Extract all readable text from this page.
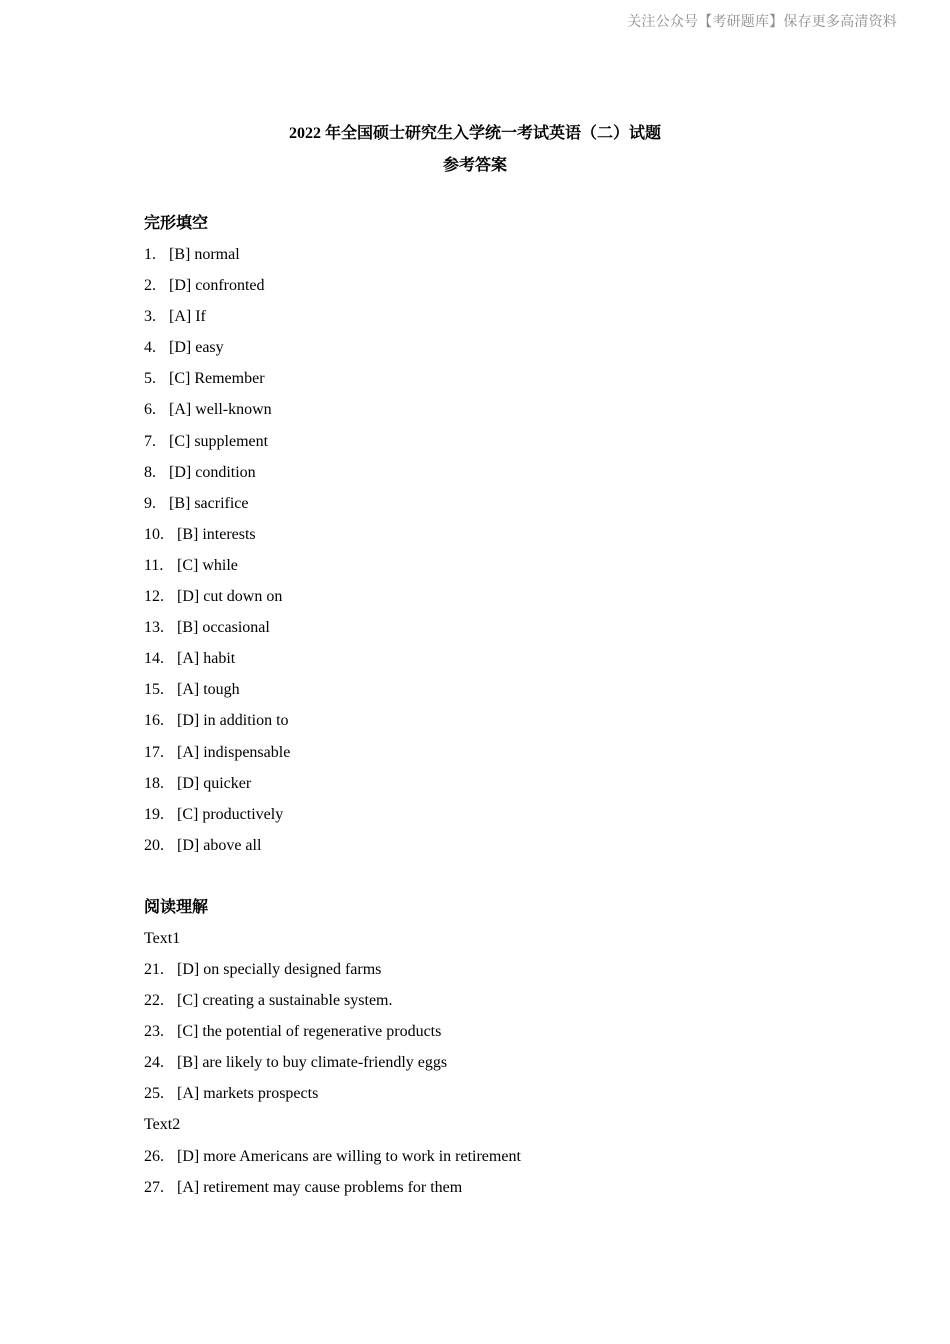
关注公众号【考研题库】保存更多高清资料
2022 年全国硕士研究生入学统一考试英语（二）试题
参考答案
完形填空
1. [B] normal
2. [D] confronted
3. [A] If
4. [D] easy
5. [C] Remember
6. [A] well-known
7. [C] supplement
8. [D] condition
9. [B] sacrifice
10. [B] interests
11. [C] while
12. [D] cut down on
13. [B] occasional
14. [A] habit
15. [A] tough
16. [D] in addition to
17. [A] indispensable
18. [D] quicker
19. [C] productively
20. [D] above all
阅读理解
Text1
21. [D] on specially designed farms
22. [C] creating a sustainable system.
23. [C] the potential of regenerative products
24. [B] are likely to buy climate-friendly eggs
25. [A] markets prospects
Text2
26. [D] more Americans are willing to work in retirement
27. [A] retirement may cause problems for them
